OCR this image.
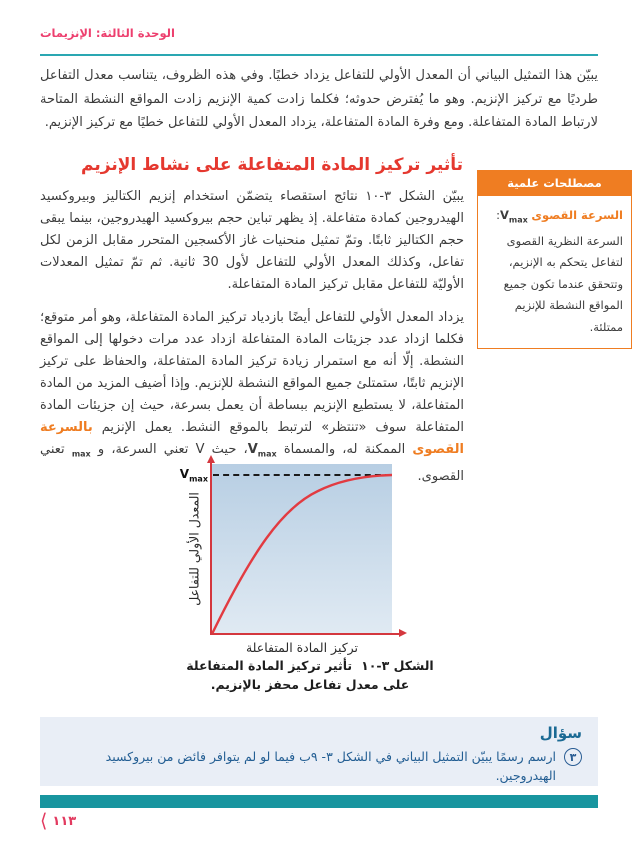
الوحدة الثالثة: الإنزيمات

يبيّن هذا التمثيل البياني أن المعدل الأولي للتفاعل يزداد خطيًا. وفي هذه الظروف، يتناسب معدل التفاعل طرديًا مع تركيز الإنزيم. وهو ما يُفترض حدوثه؛ فكلما زادت كمية الإنزيم زادت المواقع النشطة المتاحة لارتباط المادة المتفاعلة. ومع وفرة المادة المتفاعلة، يزداد المعدل الأولي للتفاعل خطيًا مع تركيز الإنزيم.

تأثير تركيز المادة المتفاعلة على نشاط الإنزيم

يبيّن الشكل ٣-١٠ نتائج استقصاء يتضمّن استخدام إنزيم الكتاليز وبيروكسيد الهيدروجين كمادة متفاعلة. إذ يظهر تباين حجم بيروكسيد الهيدروجين، بينما يبقى حجم الكتاليز ثابتًا. وتمّ تمثيل منحنيات غاز الأكسجين المتحرر مقابل الزمن لكل تفاعل، وكذلك المعدل الأولي للتفاعل لأول 30 ثانية. ثم تمّ تمثيل المعدلات الأوليّة للتفاعل مقابل تركيز المادة المتفاعلة.

يزداد المعدل الأولي للتفاعل أيضًا بازدياد تركيز المادة المتفاعلة، وهو أمر متوقع؛ فكلما ازداد عدد جزيئات المادة المتفاعلة ازداد عدد مرات دخولها إلى المواقع النشطة. إلّا أنه مع استمرار زيادة تركيز المادة المتفاعلة، والحفاظ على تركيز الإنزيم ثابتًا، ستمتلئ جميع المواقع النشطة للإنزيم. وإذا أضيف المزيد من المادة المتفاعلة، لا يستطيع الإنزيم ببساطة أن يعمل بسرعة، حيث إن جزيئات المادة المتفاعلة سوف «تنتظر» لترتبط بالموقع النشط. يعمل الإنزيم بالسرعة القصوى الممكنة له، والمسماة $V_{max}،$ حيث V تعني السرعة، و $_{max}$ تعني القصوى.

مصطلحات علمية
السرعة القصوى $V_{max}$: السرعة النظرية القصوى لتفاعل يتحكم به الإنزيم، وتتحقق عندما تكون جميع المواقع النشطة للإنزيم ممتلئة.
$V_{max}$
المعدل الأولي للتفاعل
تركيز المادة المتفاعلة
الشكل ٣-١٠تأثير تركيز المادة المتفاعلة
على معدل تفاعل محفز بالإنزيم.
سؤال
٣
ارسم رسمًا يبيّن التمثيل البياني في الشكل ٣- ٩ب فيما لو لم يتوافر فائض من بيروكسيد الهيدروجين.
⟨ ١١٣
